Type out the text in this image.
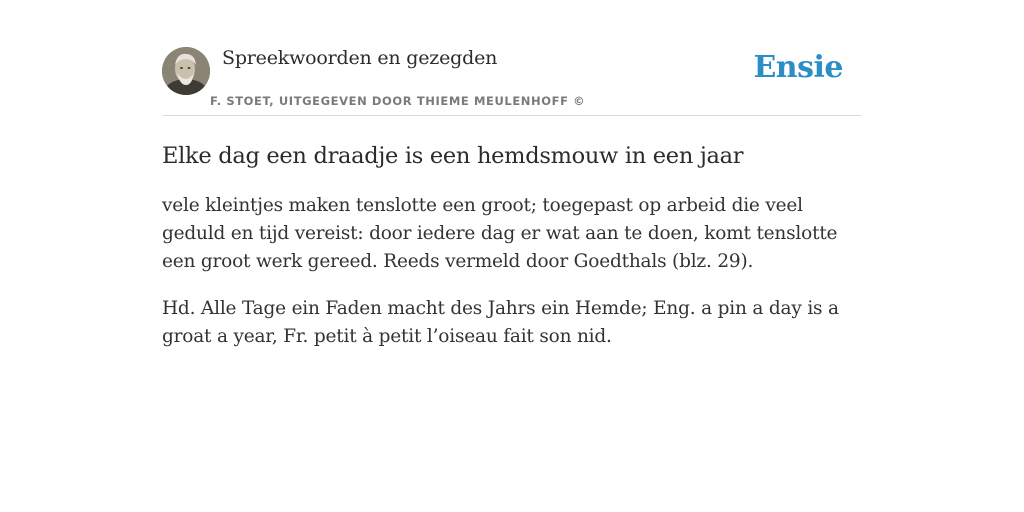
Spreekwoorden en gezegden
F. STOET, UITGEGEVEN DOOR THIEME MEULENHOFF ©
Ensie
Elke dag een draadje is een hemdsmouw in een jaar

vele kleintjes maken tenslotte een groot; toegepast op arbeid die veel geduld en tijd vereist: door iedere dag er wat aan te doen, komt tenslotte een groot werk gereed. Reeds vermeld door Goedthals (blz. 29).

Hd. Alle Tage ein Faden macht des Jahrs ein Hemde; Eng. a pin a day is a groat a year, Fr. petit à petit l’oiseau fait son nid.
